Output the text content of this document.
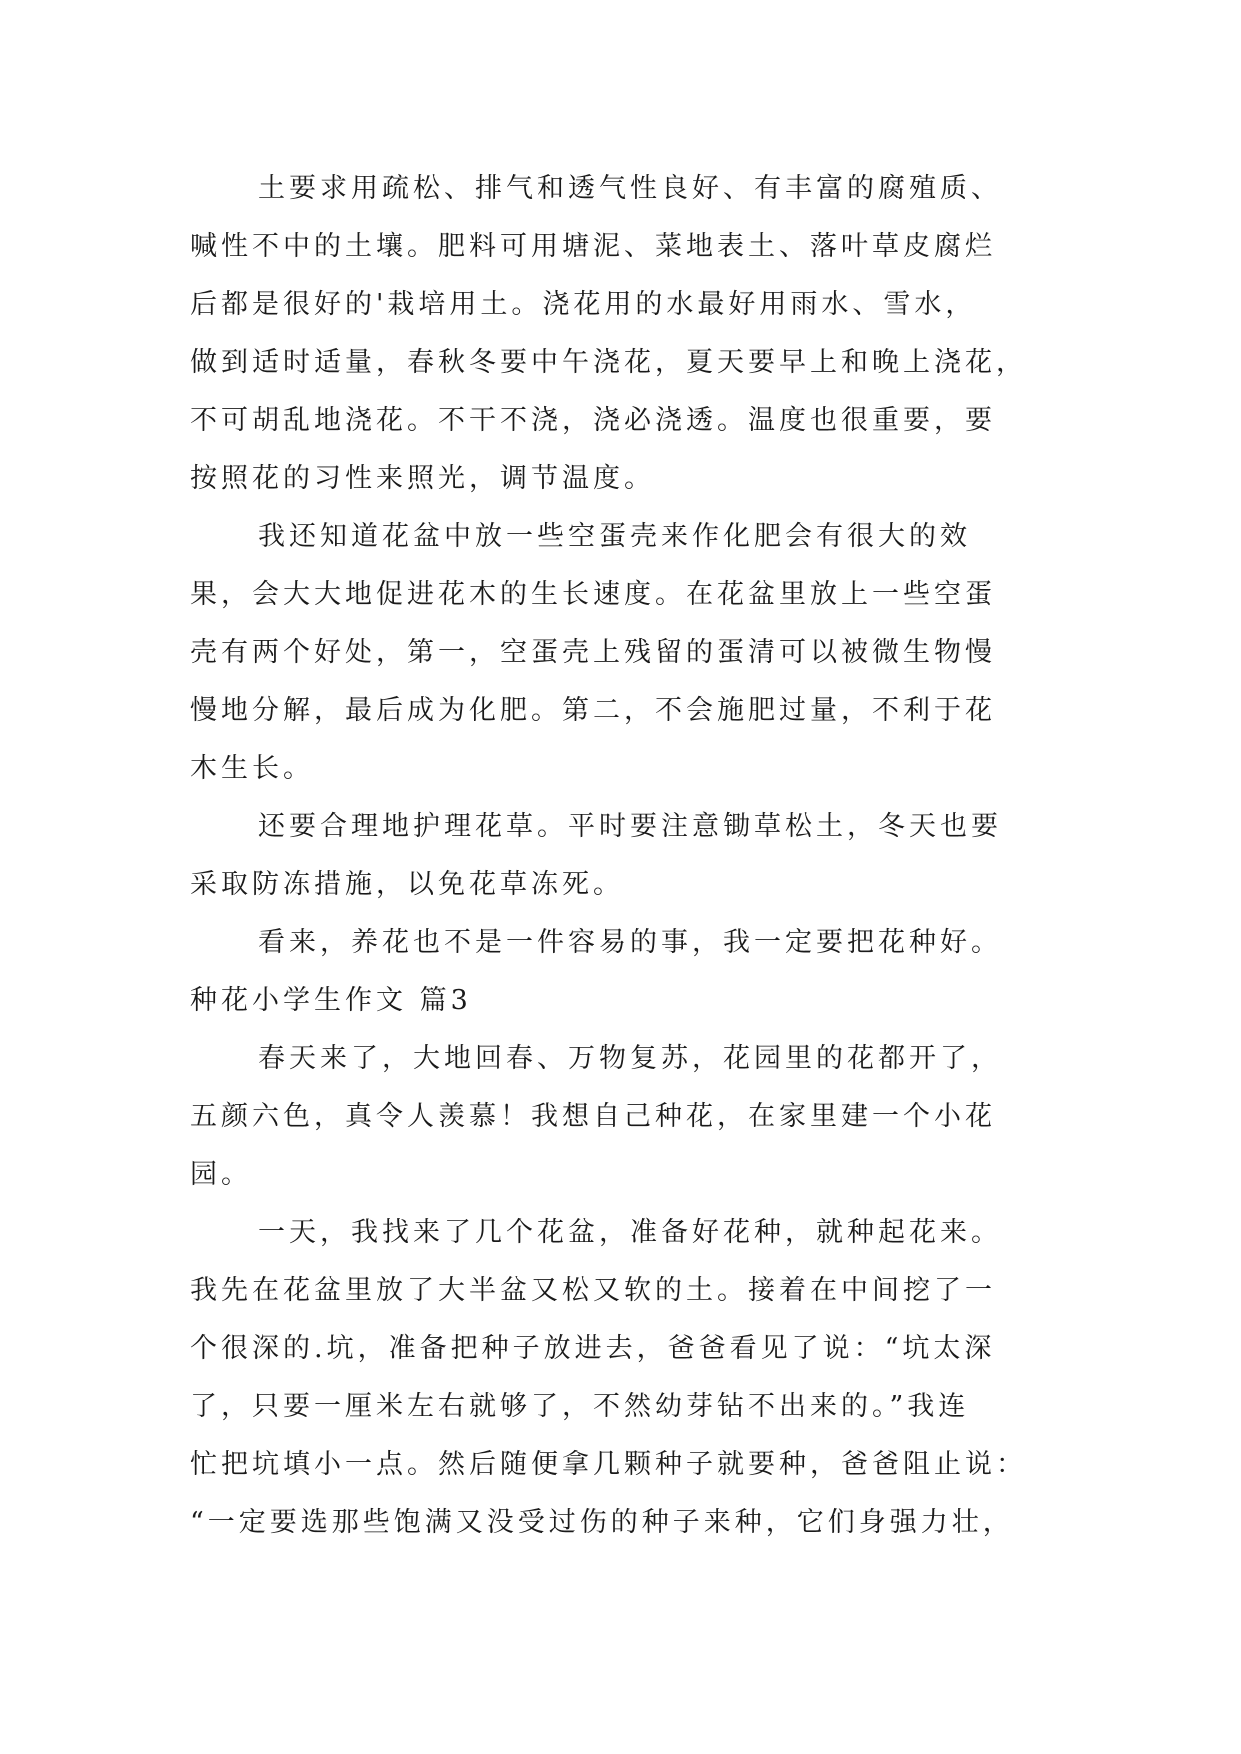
土要求用疏松、排气和透气性良好、有丰富的腐殖质、
喊性不中的土壤。肥料可用塘泥、菜地表土、落叶草皮腐烂
后都是很好的'栽培用土。浇花用的水最好用雨水、雪水，
做到适时适量，春秋冬要中午浇花，夏天要早上和晚上浇花，
不可胡乱地浇花。不干不浇，浇必浇透。温度也很重要，要
按照花的习性来照光，调节温度。
我还知道花盆中放一些空蛋壳来作化肥会有很大的效
果，会大大地促进花木的生长速度。在花盆里放上一些空蛋
壳有两个好处，第一，空蛋壳上残留的蛋清可以被微生物慢
慢地分解，最后成为化肥。第二，不会施肥过量，不利于花
木生长。
还要合理地护理花草。平时要注意锄草松土，冬天也要
采取防冻措施，以免花草冻死。
看来，养花也不是一件容易的事，我一定要把花种好。
种花小学生作文 篇3
春天来了，大地回春、万物复苏，花园里的花都开了，
五颜六色，真令人羡慕！我想自己种花，在家里建一个小花
园。
一天，我找来了几个花盆，准备好花种，就种起花来。
我先在花盆里放了大半盆又松又软的土。接着在中间挖了一
个很深的.坑，准备把种子放进去，爸爸看见了说：“坑太深
了，只要一厘米左右就够了，不然幼芽钻不出来的。”我连
忙把坑填小一点。然后随便拿几颗种子就要种，爸爸阻止说：
“一定要选那些饱满又没受过伤的种子来种，它们身强力壮，
